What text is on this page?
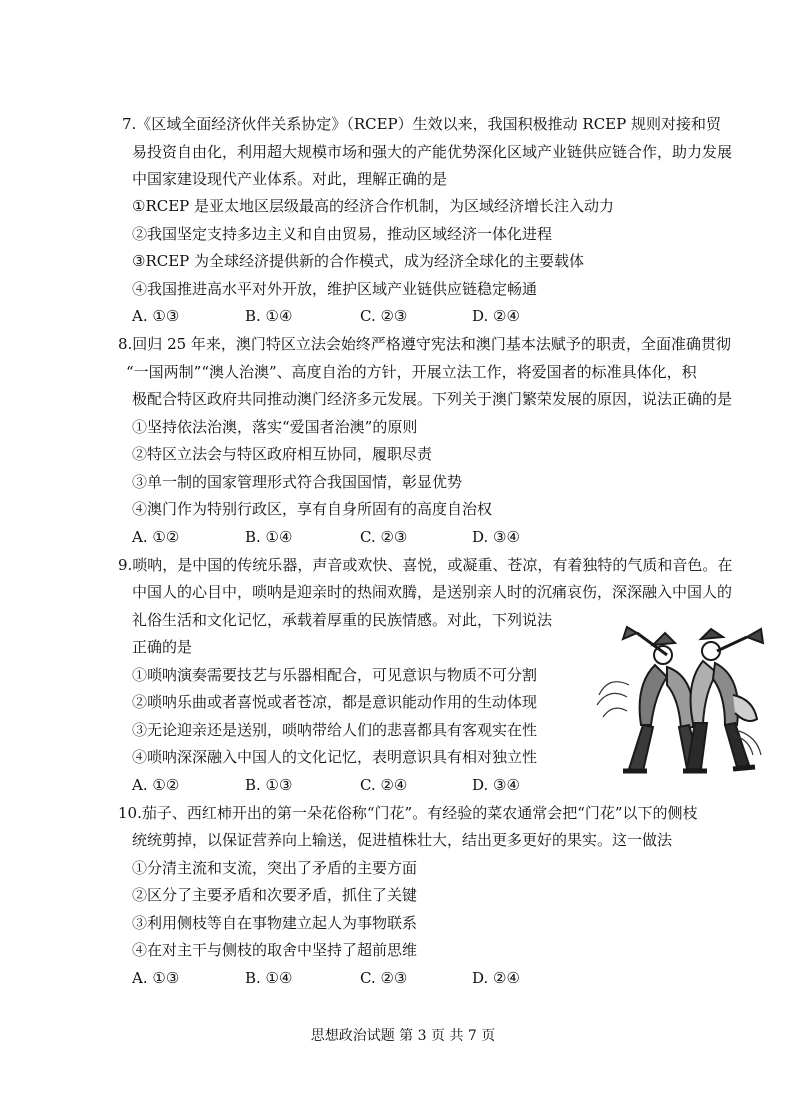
7.《区域全面经济伙伴关系协定》（RCEP）生效以来，我国积极推动 RCEP 规则对接和贸
易投资自由化，利用超大规模市场和强大的产能优势深化区域产业链供应链合作，助力发展
中国家建设现代产业体系。对此，理解正确的是
①RCEP 是亚太地区层级最高的经济合作机制，为区域经济增长注入动力
②我国坚定支持多边主义和自由贸易，推动区域经济一体化进程
③RCEP 为全球经济提供新的合作模式，成为经济全球化的主要载体
④我国推进高水平对外开放，维护区域产业链供应链稳定畅通
A. ①③	B. ①④	C. ②③	D. ②④
8.回归 25 年来，澳门特区立法会始终严格遵守宪法和澳门基本法赋予的职责，全面准确贯彻
“一国两制”“澳人治澳”、高度自治的方针，开展立法工作，将爱国者的标准具体化，积
极配合特区政府共同推动澳门经济多元发展。下列关于澳门繁荣发展的原因，说法正确的是
①坚持依法治澳，落实“爱国者治澳”的原则
②特区立法会与特区政府相互协同，履职尽责
③单一制的国家管理形式符合我国国情，彰显优势
④澳门作为特别行政区，享有自身所固有的高度自治权
A. ①②	B. ①④	C. ②③	D. ③④
9.唢呐，是中国的传统乐器，声音或欢快、喜悦，或凝重、苍凉，有着独特的气质和音色。在
中国人的心目中，唢呐是迎亲时的热闹欢腾，是送别亲人时的沉痛哀伤，深深融入中国人的
礼俗生活和文化记忆，承载着厚重的民族情感。对此，下列说法
正确的是
①唢呐演奏需要技艺与乐器相配合，可见意识与物质不可分割
②唢呐乐曲或者喜悦或者苍凉，都是意识能动作用的生动体现
③无论迎亲还是送别，唢呐带给人们的悲喜都具有客观实在性
④唢呐深深融入中国人的文化记忆，表明意识具有相对独立性
A. ①②	B. ①③	C. ②④	D. ③④
10.茄子、西红柿开出的第一朵花俗称“门花”。有经验的菜农通常会把“门花”以下的侧枝
统统剪掉，以保证营养向上输送，促进植株壮大，结出更多更好的果实。这一做法
①分清主流和支流，突出了矛盾的主要方面
②区分了主要矛盾和次要矛盾，抓住了关键
③利用侧枝等自在事物建立起人为事物联系
④在对主干与侧枝的取舍中坚持了超前思维
A. ①③	B. ①④	C. ②③	D. ②④
思想政治试题 第 3 页 共 7 页
